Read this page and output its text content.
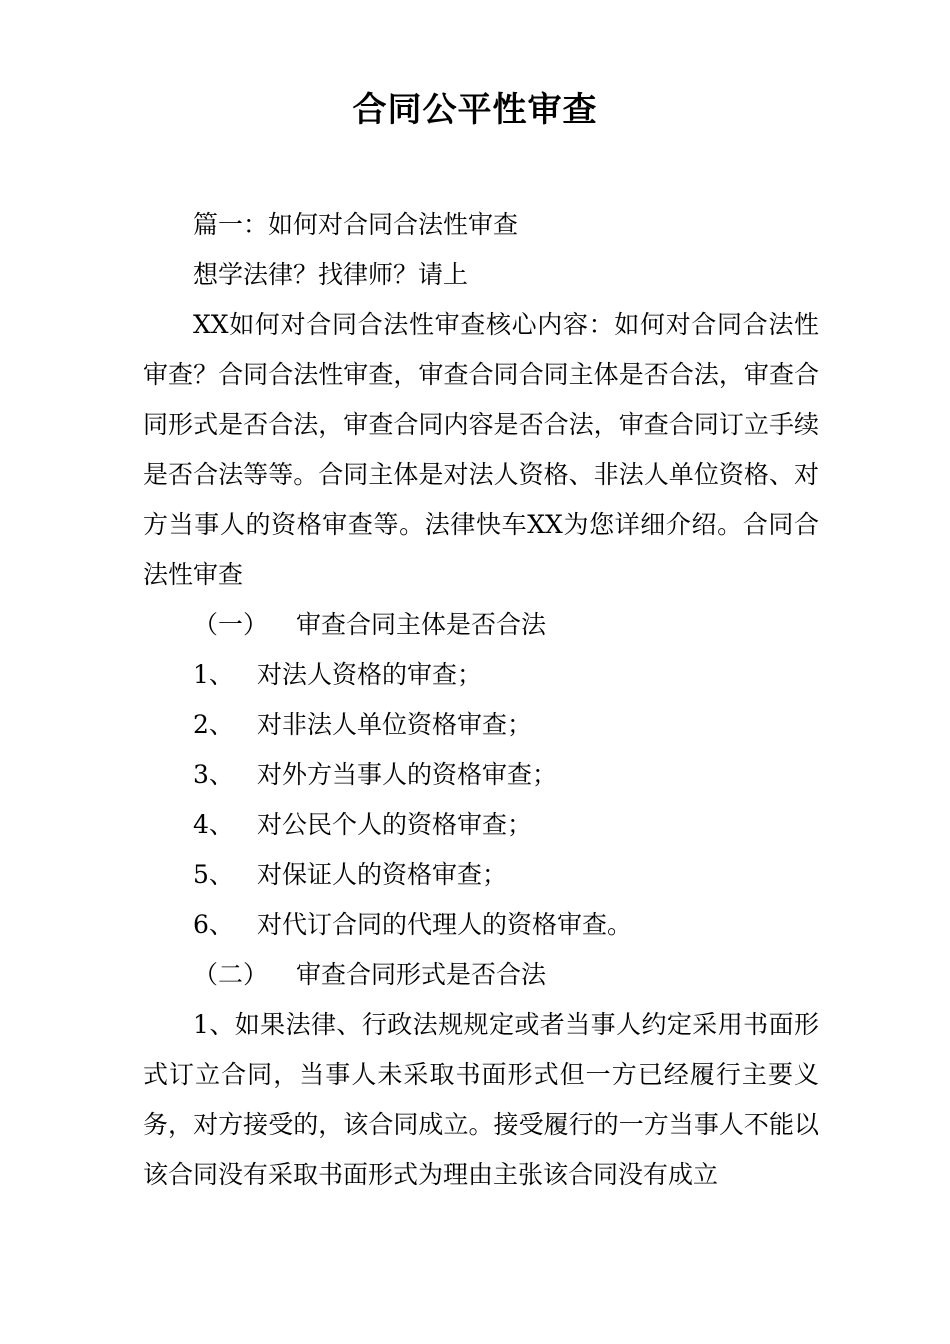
合同公平性审查

篇一：如何对合同合法性审查

想学法律？找律师？请上

XX如何对合同合法性审查核心内容：如何对合同合法性审查？合同合法性审查，审查合同合同主体是否合法，审查合同形式是否合法，审查合同内容是否合法，审查合同订立手续是否合法等等。合同主体是对法人资格、非法人单位资格、对方当事人的资格审查等。法律快车XX为您详细介绍。合同合法性审查

（一）	审查合同主体是否合法
1、 对法人资格的审查；
2、 对非法人单位资格审查；
3、 对外方当事人的资格审查；
4、 对公民个人的资格审查；
5、 对保证人的资格审查；
6、 对代订合同的代理人的资格审查。
（二）	审查合同形式是否合法

1、如果法律、行政法规规定或者当事人约定采用书面形式订立合同，当事人未采取书面形式但一方已经履行主要义务，对方接受的，该合同成立。接受履行的一方当事人不能以该合同没有采取书面形式为理由主张该合同没有成立
